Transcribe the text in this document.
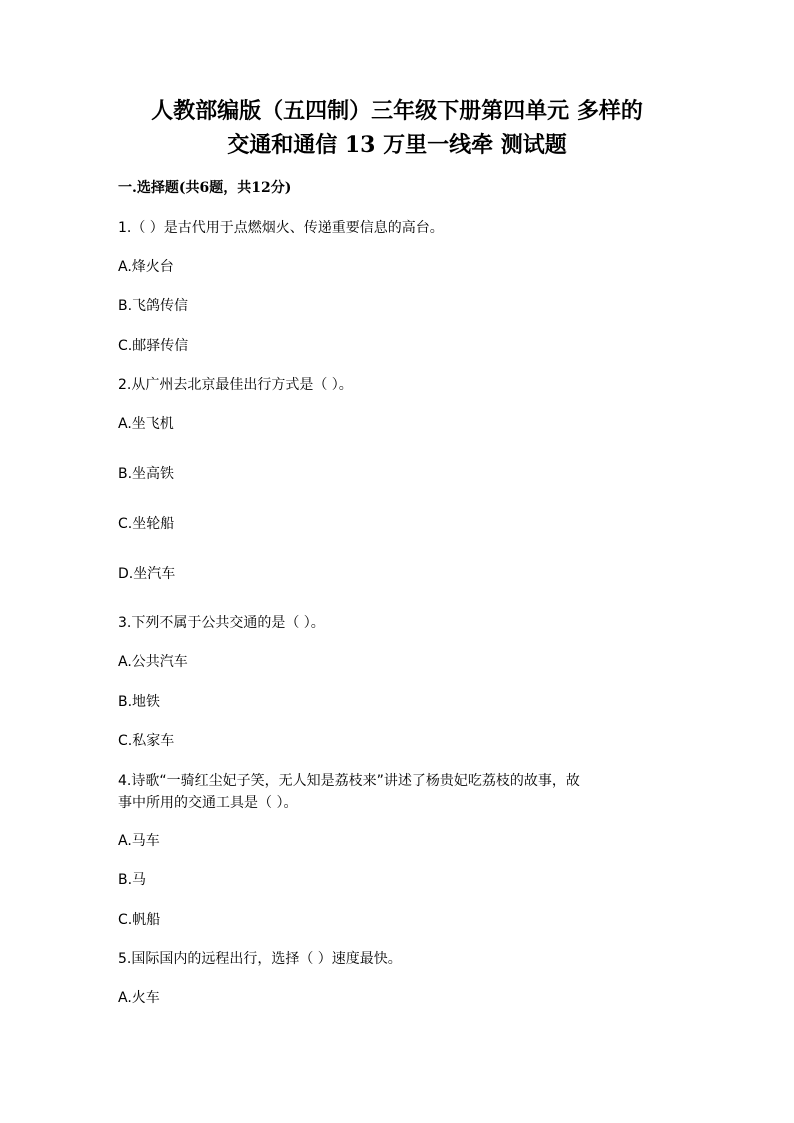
人教部编版（五四制）三年级下册第四单元 多样的
交通和通信 13 万里一线牵 测试题
一.选择题(共6题，共12分)
1.（ ）是古代用于点燃烟火、传递重要信息的高台。
A.烽火台
B.飞鸽传信
C.邮驿传信
2.从广州去北京最佳出行方式是（ ）。
A.坐飞机
B.坐高铁
C.坐轮船
D.坐汽车
3.下列不属于公共交通的是（ ）。
A.公共汽车
B.地铁
C.私家车
4.诗歌“一骑红尘妃子笑，无人知是荔枝来”讲述了杨贵妃吃荔枝的故事，故
事中所用的交通工具是（ ）。
A.马车
B.马
C.帆船
5.国际国内的远程出行，选择（ ）速度最快。
A.火车
